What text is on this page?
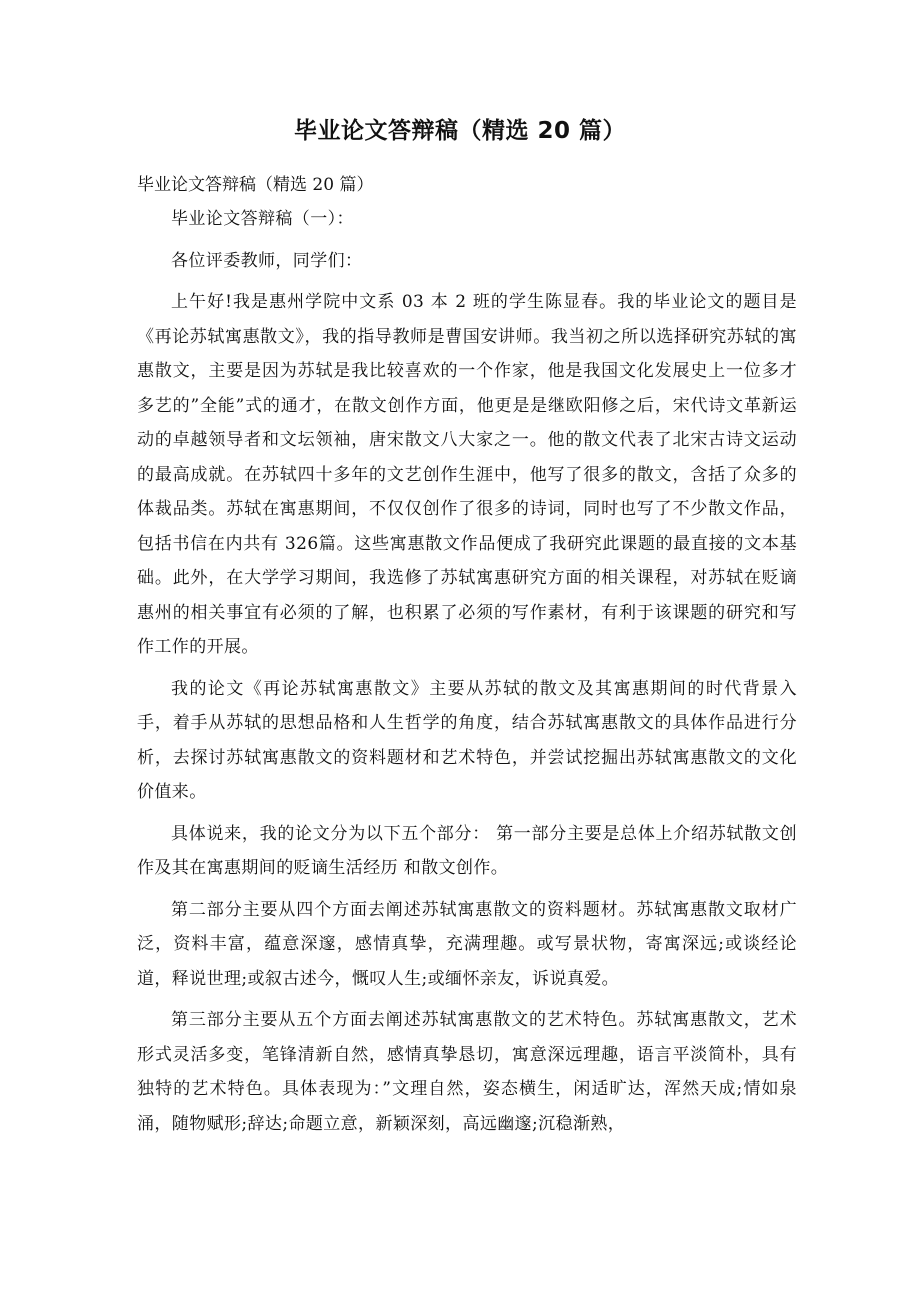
毕业论文答辩稿（精选 20 篇）
毕业论文答辩稿（精选 20 篇）

毕业论文答辩稿（一）：

各位评委教师，同学们：

上午好!我是惠州学院中文系 03 本 2 班的学生陈显春。我的毕业论文的题目是《再论苏轼寓惠散文》，我的指导教师是曹国安讲师。我当初之所以选择研究苏轼的寓惠散文，主要是因为苏轼是我比较喜欢的一个作家，他是我国文化发展史上一位多才多艺的”全能”式的通才，在散文创作方面，他更是是继欧阳修之后，宋代诗文革新运动的卓越领导者和文坛领袖，唐宋散文八大家之一。他的散文代表了北宋古诗文运动的最高成就。在苏轼四十多年的文艺创作生涯中，他写了很多的散文，含括了众多的体裁品类。苏轼在寓惠期间，不仅仅创作了很多的诗词，同时也写了不少散文作品，包括书信在内共有 326篇。这些寓惠散文作品便成了我研究此课题的最直接的文本基础。此外，在大学学习期间，我选修了苏轼寓惠研究方面的相关课程，对苏轼在贬谪惠州的相关事宜有必须的了解，也积累了必须的写作素材，有利于该课题的研究和写作工作的开展。

我的论文《再论苏轼寓惠散文》主要从苏轼的散文及其寓惠期间的时代背景入手，着手从苏轼的思想品格和人生哲学的角度，结合苏轼寓惠散文的具体作品进行分析，去探讨苏轼寓惠散文的资料题材和艺术特色，并尝试挖掘出苏轼寓惠散文的文化价值来。

具体说来，我的论文分为以下五个部分： 第一部分主要是总体上介绍苏轼散文创作及其在寓惠期间的贬谪生活经历 和散文创作。

第二部分主要从四个方面去阐述苏轼寓惠散文的资料题材。苏轼寓惠散文取材广泛，资料丰富，蕴意深邃，感情真挚，充满理趣。或写景状物，寄寓深远;或谈经论道，释说世理;或叙古述今，慨叹人生;或缅怀亲友，诉说真爱。

第三部分主要从五个方面去阐述苏轼寓惠散文的艺术特色。苏轼寓惠散文，艺术形式灵活多变，笔锋清新自然，感情真挚恳切，寓意深远理趣，语言平淡简朴，具有独特的艺术特色。具体表现为：”文理自然，姿态横生，闲适旷达，浑然天成;情如泉涌，随物赋形;辞达;命题立意，新颖深刻，高远幽邃;沉稳渐熟，
